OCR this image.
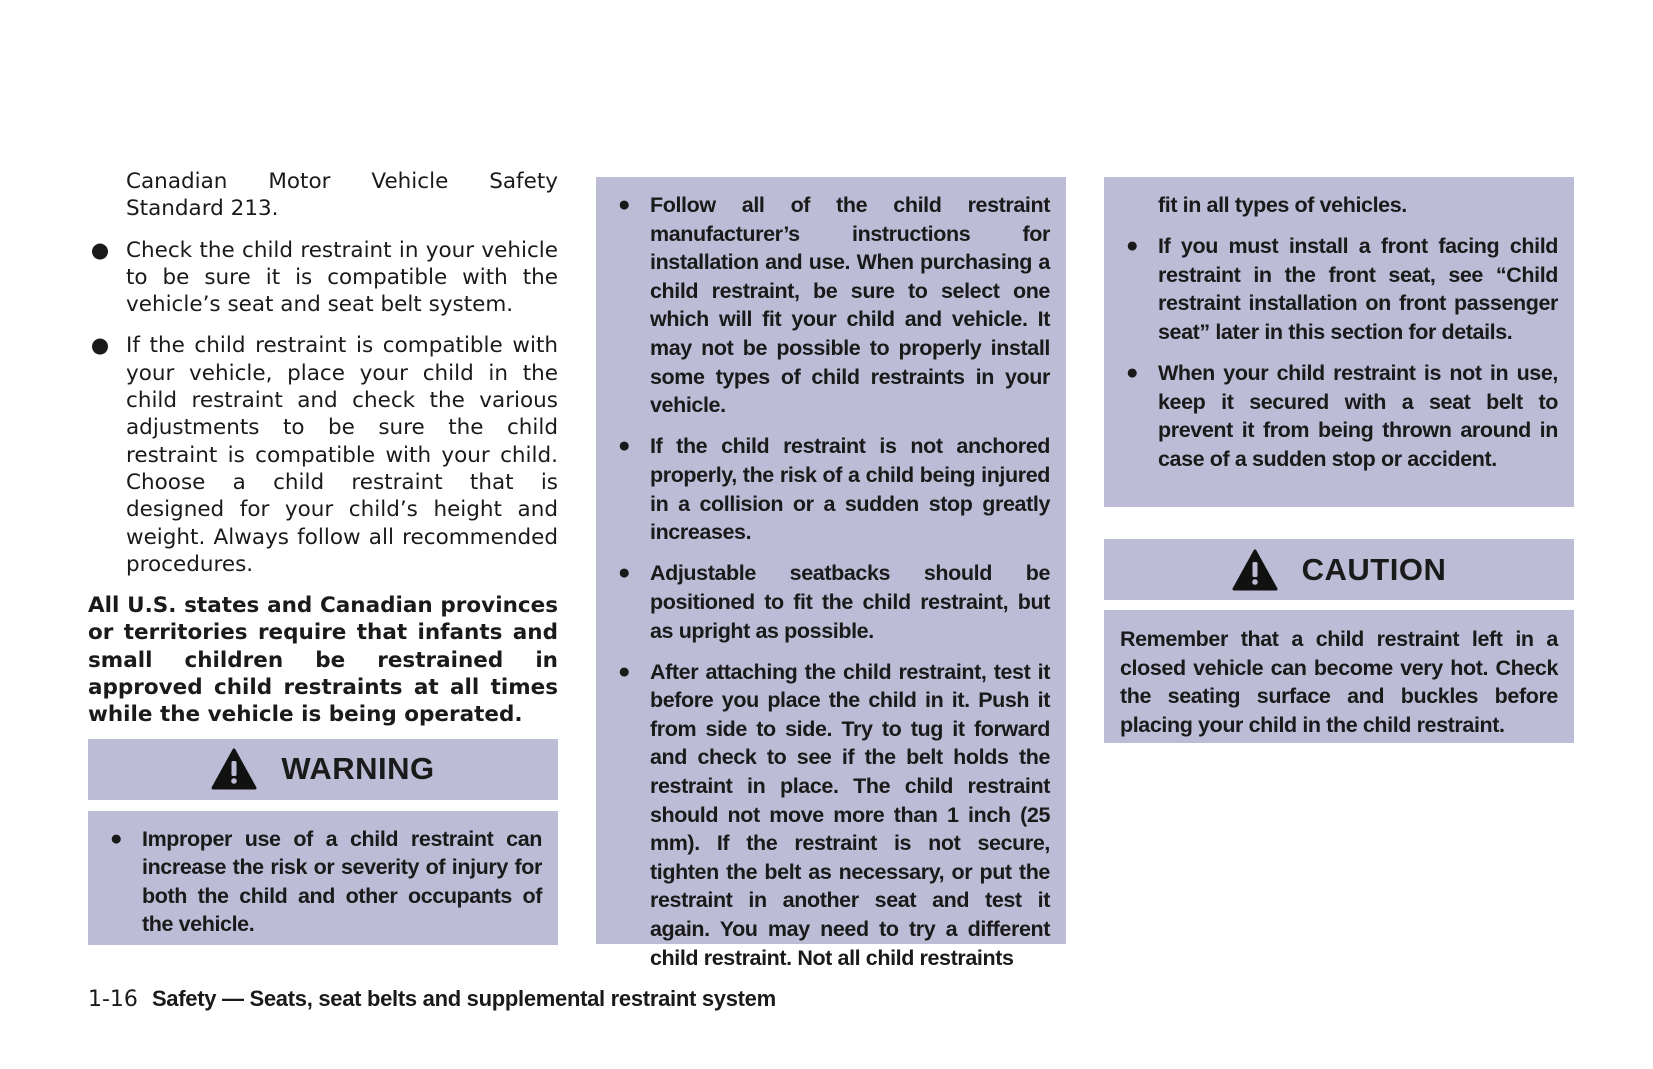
Canadian Motor Vehicle Safety Standard 213.
● Check the child restraint in your vehicle to be sure it is compatible with the vehicle’s seat and seat belt system.
● If the child restraint is compatible with your vehicle, place your child in the child restraint and check the various adjustments to be sure the child restraint is compatible with your child. Choose a child restraint that is designed for your child’s height and weight. Always follow all recommended procedures.
All U.S. states and Canadian provinces or territories require that infants and small children be restrained in approved child restraints at all times while the vehicle is being operated.
WARNING
● Improper use of a child restraint can increase the risk or severity of injury for both the child and other occupants of the vehicle.
● Follow all of the child restraint manufacturer’s instructions for installation and use. When purchasing a child restraint, be sure to select one which will fit your child and vehicle. It may not be possible to properly install some types of child restraints in your vehicle.
● If the child restraint is not anchored properly, the risk of a child being injured in a collision or a sudden stop greatly increases.
● Adjustable seatbacks should be positioned to fit the child restraint, but as upright as possible.
● After attaching the child restraint, test it before you place the child in it. Push it from side to side. Try to tug it forward and check to see if the belt holds the restraint in place. The child restraint should not move more than 1 inch (25 mm). If the restraint is not secure, tighten the belt as necessary, or put the restraint in another seat and test it again. You may need to try a different child restraint. Not all child restraints
fit in all types of vehicles.
● If you must install a front facing child restraint in the front seat, see “Child restraint installation on front passenger seat” later in this section for details.
● When your child restraint is not in use, keep it secured with a seat belt to prevent it from being thrown around in case of a sudden stop or accident.
CAUTION
Remember that a child restraint left in a closed vehicle can become very hot. Check the seating surface and buckles before placing your child in the child restraint.
1-16 Safety — Seats, seat belts and supplemental restraint system
